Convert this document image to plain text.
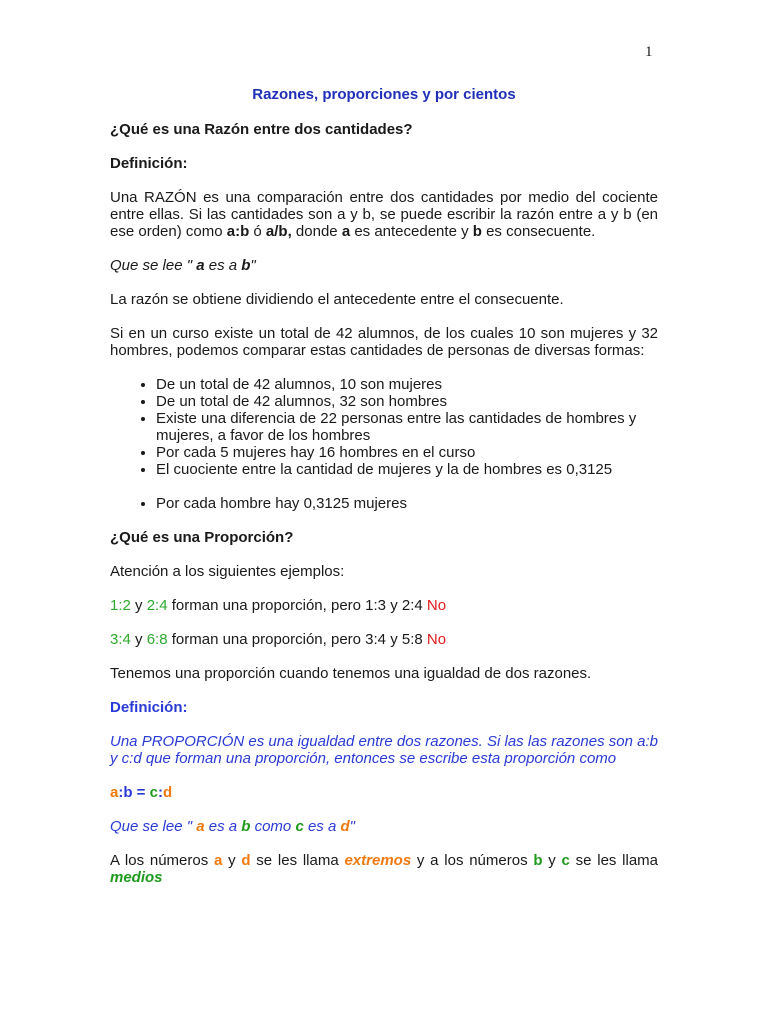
1

Razones, proporciones y por cientos

¿Qué es una Razón entre dos cantidades?

Definición:

Una RAZÓN es una comparación entre dos cantidades por medio del cociente entre ellas. Si las cantidades son a y b, se puede escribir la razón entre a y b (en ese orden) como a:b ó a/b, donde a es antecedente y b es consecuente.

Que se lee " a es a b"

La razón se obtiene dividiendo el antecedente entre el consecuente.

Si en un curso existe un total de 42 alumnos, de los cuales 10 son mujeres y 32 hombres, podemos comparar estas cantidades de personas de diversas formas:

• De un total de 42 alumnos, 10 son mujeres
• De un total de 42 alumnos, 32 son hombres
• Existe una diferencia de 22 personas entre las cantidades de hombres y mujeres, a favor de los hombres
• Por cada 5 mujeres hay 16 hombres en el curso
• El cuociente entre la cantidad de mujeres y la de hombres es 0,3125
• Por cada hombre hay 0,3125 mujeres

¿Qué es una Proporción?

Atención a los siguientes ejemplos:

1:2 y 2:4 forman una proporción, pero 1:3 y 2:4 No

3:4 y 6:8 forman una proporción, pero 3:4 y 5:8 No

Tenemos una proporción cuando tenemos una igualdad de dos razones.

Definición:

Una PROPORCIÓN es una igualdad entre dos razones. Si las las razones son a:b y c:d que forman una proporción, entonces se escribe esta proporción como

a:b = c:d

Que se lee " a es a b como c es a d"

A los números a y d se les llama extremos y a los números b y c se les llama medios
